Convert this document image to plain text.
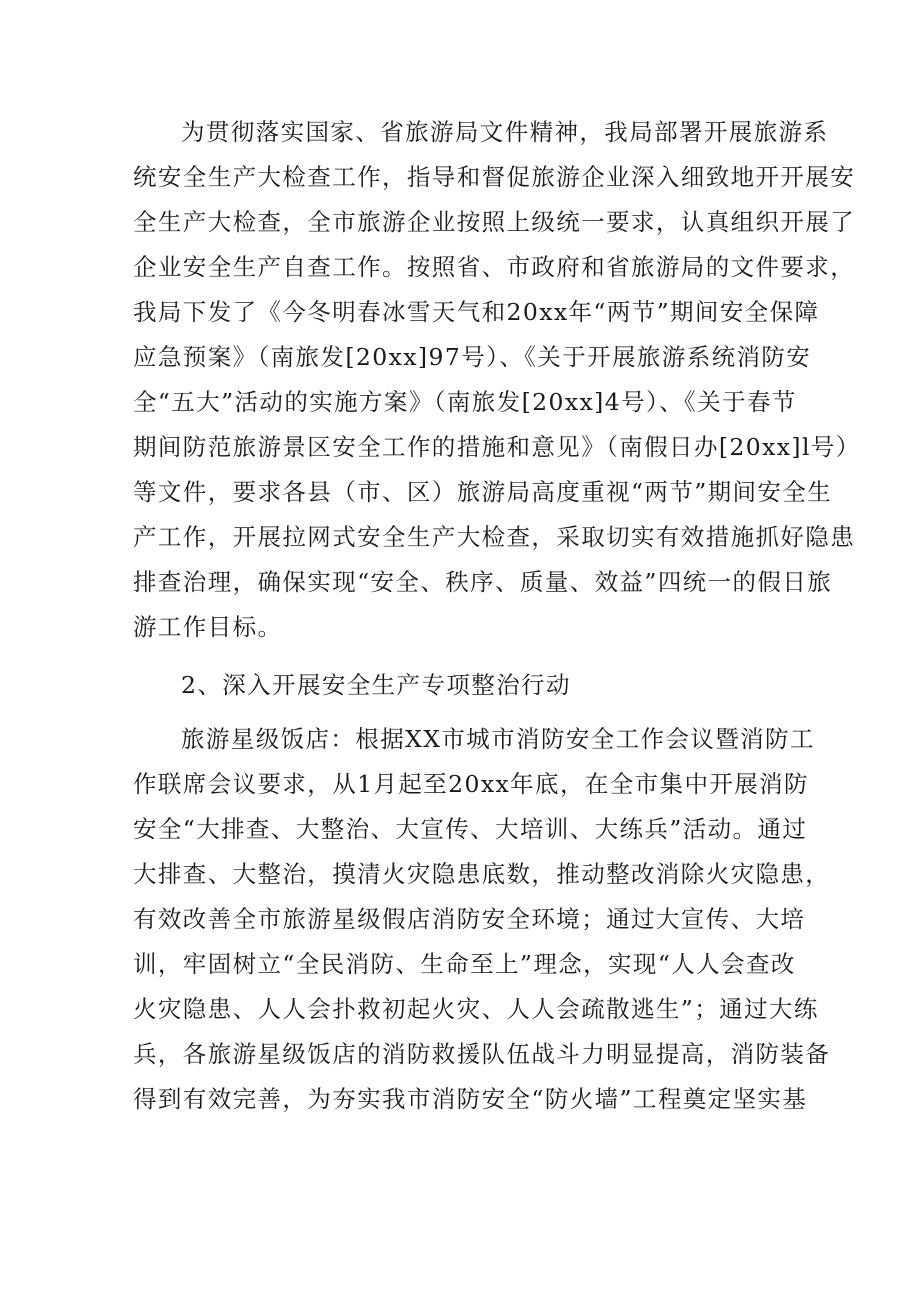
为贯彻落实国家、省旅游局文件精神，我局部署开展旅游系
统安全生产大检查工作，指导和督促旅游企业深入细致地开开展安
全生产大检查，全市旅游企业按照上级统一要求，认真组织开展了
企业安全生产自查工作。按照省、市政府和省旅游局的文件要求，
我局下发了《今冬明春冰雪天气和20xx年“两节”期间安全保障
应急预案》（南旅发[20xx]97号）、《关于开展旅游系统消防安
全“五大”活动的实施方案》（南旅发[20xx]4号）、《关于春节
期间防范旅游景区安全工作的措施和意见》（南假日办[20xx]l号）
等文件，要求各县（市、区）旅游局高度重视“两节”期间安全生
产工作，开展拉网式安全生产大检查，采取切实有效措施抓好隐患
排查治理，确保实现“安全、秩序、质量、效益”四统一的假日旅
游工作目标。
2、深入开展安全生产专项整治行动
旅游星级饭店：根据XX市城市消防安全工作会议暨消防工
作联席会议要求，从1月起至20xx年底，在全市集中开展消防
安全“大排查、大整治、大宣传、大培训、大练兵”活动。通过
大排查、大整治，摸清火灾隐患底数，推动整改消除火灾隐患，
有效改善全市旅游星级假店消防安全环境；通过大宣传、大培
训，牢固树立“全民消防、生命至上”理念，实现“人人会查改
火灾隐患、人人会扑救初起火灾、人人会疏散逃生”；通过大练
兵，各旅游星级饭店的消防救援队伍战斗力明显提高，消防装备
得到有效完善，为夯实我市消防安全“防火墙”工程奠定坚实基
